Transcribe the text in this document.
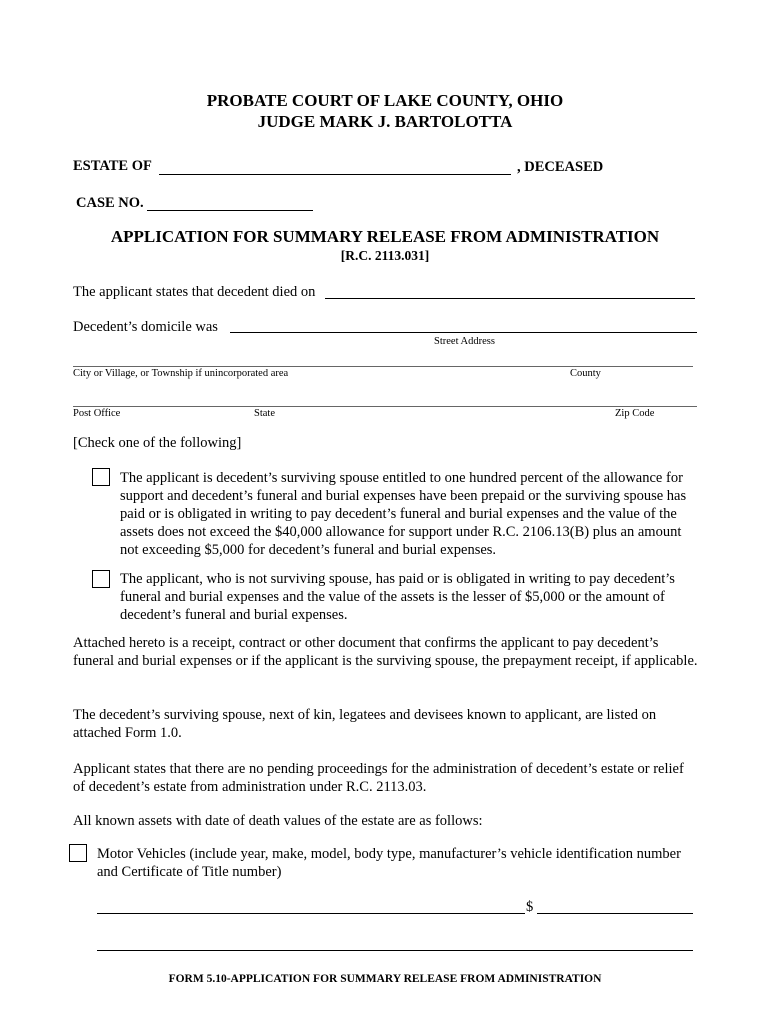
PROBATE COURT OF LAKE COUNTY, OHIO
JUDGE MARK J. BARTOLOTTA
ESTATE OF	, DECEASED
CASE NO.
APPLICATION FOR SUMMARY RELEASE FROM ADMINISTRATION
[R.C. 2113.031]
The applicant states that decedent died on
Decedent’s domicile was
Street Address
City or Village, or Township if unincorporated area	County
Post Office	State	Zip Code
[Check one of the following]
The applicant is decedent’s surviving spouse entitled to one hundred percent of the allowance for support and decedent’s funeral and burial expenses have been prepaid or the surviving spouse has paid or is obligated in writing to pay decedent’s funeral and burial expenses and the value of the assets does not exceed the $40,000 allowance for support under R.C. 2106.13(B) plus an amount not exceeding $5,000 for decedent’s funeral and burial expenses.
The applicant, who is not surviving spouse, has paid or is obligated in writing to pay decedent’s funeral and burial expenses and the value of the assets is the lesser of $5,000 or the amount of decedent’s funeral and burial expenses.
Attached hereto is a receipt, contract or other document that confirms the applicant to pay decedent’s funeral and burial expenses or if the applicant is the surviving spouse, the prepayment receipt, if applicable.
The decedent’s surviving spouse, next of kin, legatees and devisees known to applicant, are listed on attached Form 1.0.
Applicant states that there are no pending proceedings for the administration of decedent’s estate or relief of decedent’s estate from administration under R.C. 2113.03.
All known assets with date of death values of the estate are as follows:
Motor Vehicles (include year, make, model, body type, manufacturer’s vehicle identification number and Certificate of Title number)
$
FORM 5.10-APPLICATION FOR SUMMARY RELEASE FROM ADMINISTRATION
